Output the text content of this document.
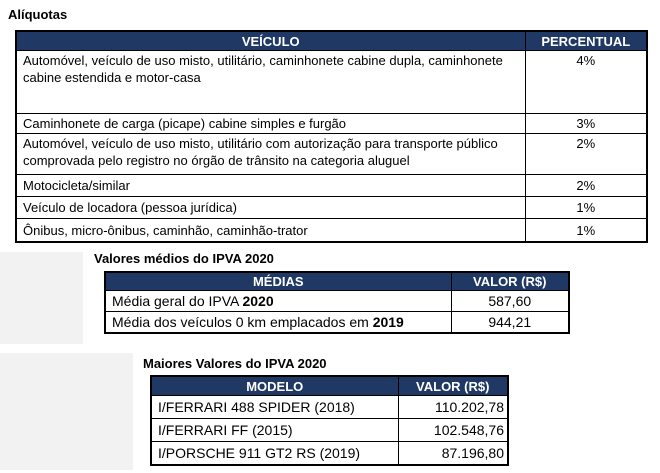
Alíquotas
VEÍCULO	PERCENTUAL
Automóvel, veículo de uso misto, utilitário, caminhonete cabine dupla, caminhonete cabine estendida e motor-casa	4%
Caminhonete de carga (picape) cabine simples e furgão	3%
Automóvel, veículo de uso misto, utilitário com autorização para transporte público comprovada pelo registro no órgão de trânsito na categoria aluguel	2%
Motocicleta/similar	2%
Veículo de locadora (pessoa jurídica)	1%
Ônibus, micro-ônibus, caminhão, caminhão-trator	1%
Valores médios do IPVA 2020
MÉDIAS	VALOR (R$)
Média geral do IPVA 2020	587,60
Média dos veículos 0 km emplacados em 2019	944,21
Maiores Valores do IPVA 2020
MODELO	VALOR (R$)
I/FERRARI 488 SPIDER (2018)	110.202,78
I/FERRARI FF (2015)	102.548,76
I/PORSCHE 911 GT2 RS (2019)	87.196,80
